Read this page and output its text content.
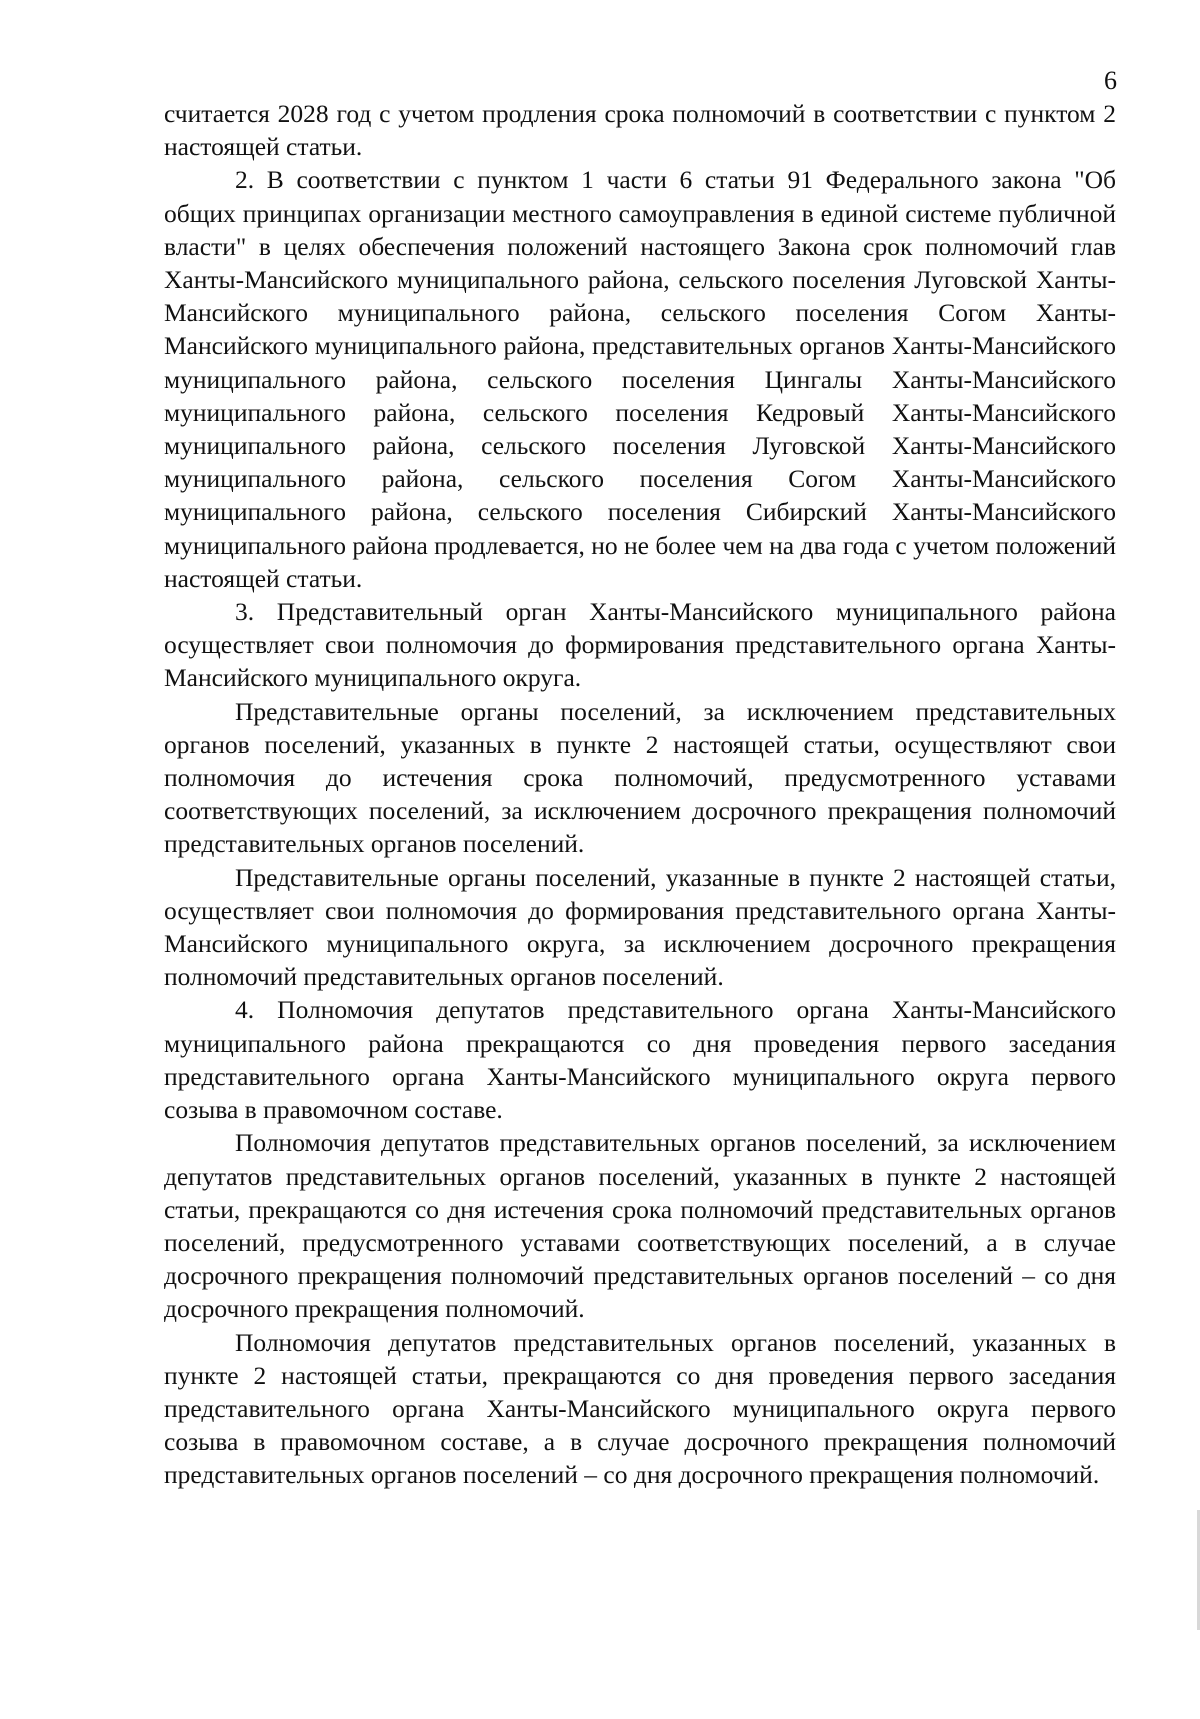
6

считается 2028 год с учетом продления срока полномочий в соответствии с пунктом 2 настоящей статьи.

2. В соответствии с пунктом 1 части 6 статьи 91 Федерального закона "Об общих принципах организации местного самоуправления в единой системе публичной власти" в целях обеспечения положений настоящего Закона срок полномочий глав Ханты-Мансийского муниципального района, сельского поселения Луговской Ханты-Мансийского муниципального района, сельского поселения Согом Ханты-Мансийского муниципального района, представительных органов Ханты-Мансийского муниципального района, сельского поселения Цингалы Ханты-Мансийского муниципального района, сельского поселения Кедровый Ханты-Мансийского муниципального района, сельского поселения Луговской Ханты-Мансийского муниципального района, сельского поселения Согом Ханты-Мансийского муниципального района, сельского поселения Сибирский Ханты-Мансийского муниципального района продлевается, но не более чем на два года с учетом положений настоящей статьи.

3. Представительный орган Ханты-Мансийского муниципального района осуществляет свои полномочия до формирования представительного органа Ханты-Мансийского муниципального округа.

Представительные органы поселений, за исключением представительных органов поселений, указанных в пункте 2 настоящей статьи, осуществляют свои полномочия до истечения срока полномочий, предусмотренного уставами соответствующих поселений, за исключением досрочного прекращения полномочий представительных органов поселений.

Представительные органы поселений, указанные в пункте 2 настоящей статьи, осуществляет свои полномочия до формирования представительного органа Ханты-Мансийского муниципального округа, за исключением досрочного прекращения полномочий представительных органов поселений.

4. Полномочия депутатов представительного органа Ханты-Мансийского муниципального района прекращаются со дня проведения первого заседания представительного органа Ханты-Мансийского муниципального округа первого созыва в правомочном составе.

Полномочия депутатов представительных органов поселений, за исключением депутатов представительных органов поселений, указанных в пункте 2 настоящей статьи, прекращаются со дня истечения срока полномочий представительных органов поселений, предусмотренного уставами соответствующих поселений, а в случае досрочного прекращения полномочий представительных органов поселений – со дня досрочного прекращения полномочий.

Полномочия депутатов представительных органов поселений, указанных в пункте 2 настоящей статьи, прекращаются со дня проведения первого заседания представительного органа Ханты-Мансийского муниципального округа первого созыва в правомочном составе, а в случае досрочного прекращения полномочий представительных органов поселений – со дня досрочного прекращения полномочий.
